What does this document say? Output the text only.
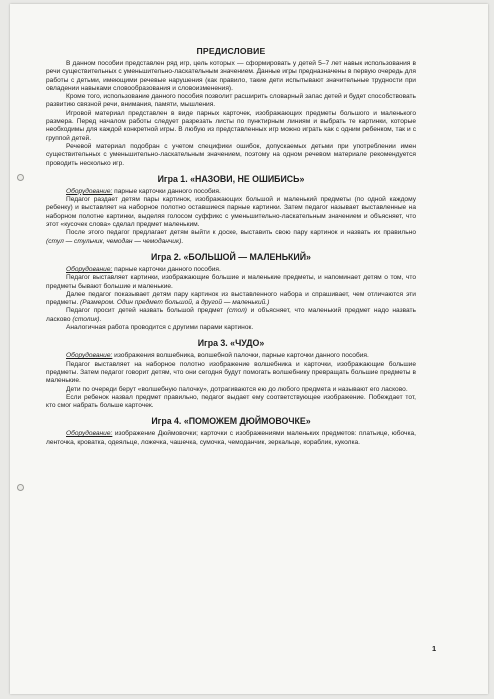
ПРЕДИСЛОВИЕ

В данном пособии представлен ряд игр, цель которых — сформировать у детей 5–7 лет навык использования в речи существительных с уменьшительно-ласкательным значением. Данные игры предназначены в первую очередь для работы с детьми, имеющими речевые нарушения (как правило, такие дети испытывают значительные трудности при овладении навыками словообразования и словоизменения).

Кроме того, использование данного пособия позволит расширить словарный запас детей и будет способствовать развитию связной речи, внимания, памяти, мышления.

Игровой материал представлен в виде парных карточек, изображающих предметы большого и маленького размера. Перед началом работы следует разрезать листы по пунктирным линиям и выбрать те картинки, которые необходимы для каждой конкретной игры. В любую из представленных игр можно играть как с одним ребенком, так и с группой детей.

Речевой материал подобран с учетом специфики ошибок, допускаемых детьми при употреблении имен существительных с уменьшительно-ласкательным значением, поэтому на одном речевом материале рекомендуется проводить несколько игр.

Игра 1. «НАЗОВИ, НЕ ОШИБИСЬ»

Оборудование: парные карточки данного пособия.

Педагог раздает детям пары картинок, изображающих большой и маленький предметы (по одной каждому ребенку) и выставляет на наборное полотно оставшиеся парные картинки. Затем педагог называет выставленные на наборном полотне картинки, выделяя голосом суффикс с уменьшительно-ласкательным значением и объясняет, что этот «кусочек слова» сделал предмет маленьким.

После этого педагог предлагает детям выйти к доске, выставить свою пару картинок и назвать их правильно (стул — стульчик, чемодан — чемоданчик).

Игра 2. «БОЛЬШОЙ — МАЛЕНЬКИЙ»

Оборудование: парные карточки данного пособия.

Педагог выставляет картинки, изображающие большие и маленькие предметы, и напоминает детям о том, что предметы бывают большие и маленькие.

Далее педагог показывает детям пару картинок из выставленного набора и спрашивает, чем отличаются эти предметы. (Размером. Один предмет большой, а другой — маленький.)

Педагог просит детей назвать большой предмет (стол) и объясняет, что маленький предмет надо назвать ласково (столик).

Аналогичная работа проводится с другими парами картинок.

Игра 3. «ЧУДО»

Оборудование: изображения волшебника, волшебной палочки, парные карточки данного пособия.

Педагог выставляет на наборное полотно изображение волшебника и карточки, изображающие большие предметы. Затем педагог говорит детям, что они сегодня будут помогать волшебнику превращать большие предметы в маленькие.

Дети по очереди берут «волшебную палочку», дотрагиваются ею до любого предмета и называют его ласково.

Если ребенок назвал предмет правильно, педагог выдает ему соответствующее изображение. Побеждает тот, кто смог набрать больше карточек.

Игра 4. «ПОМОЖЕМ ДЮЙМОВОЧКЕ»

Оборудование: изображение Дюймовочки; карточки с изображениями маленьких предметов: платьице, юбочка, ленточка, кроватка, одеяльце, ложечка, чашечка, сумочка, чемоданчик, зеркальце, кораблик, куколка.

1
